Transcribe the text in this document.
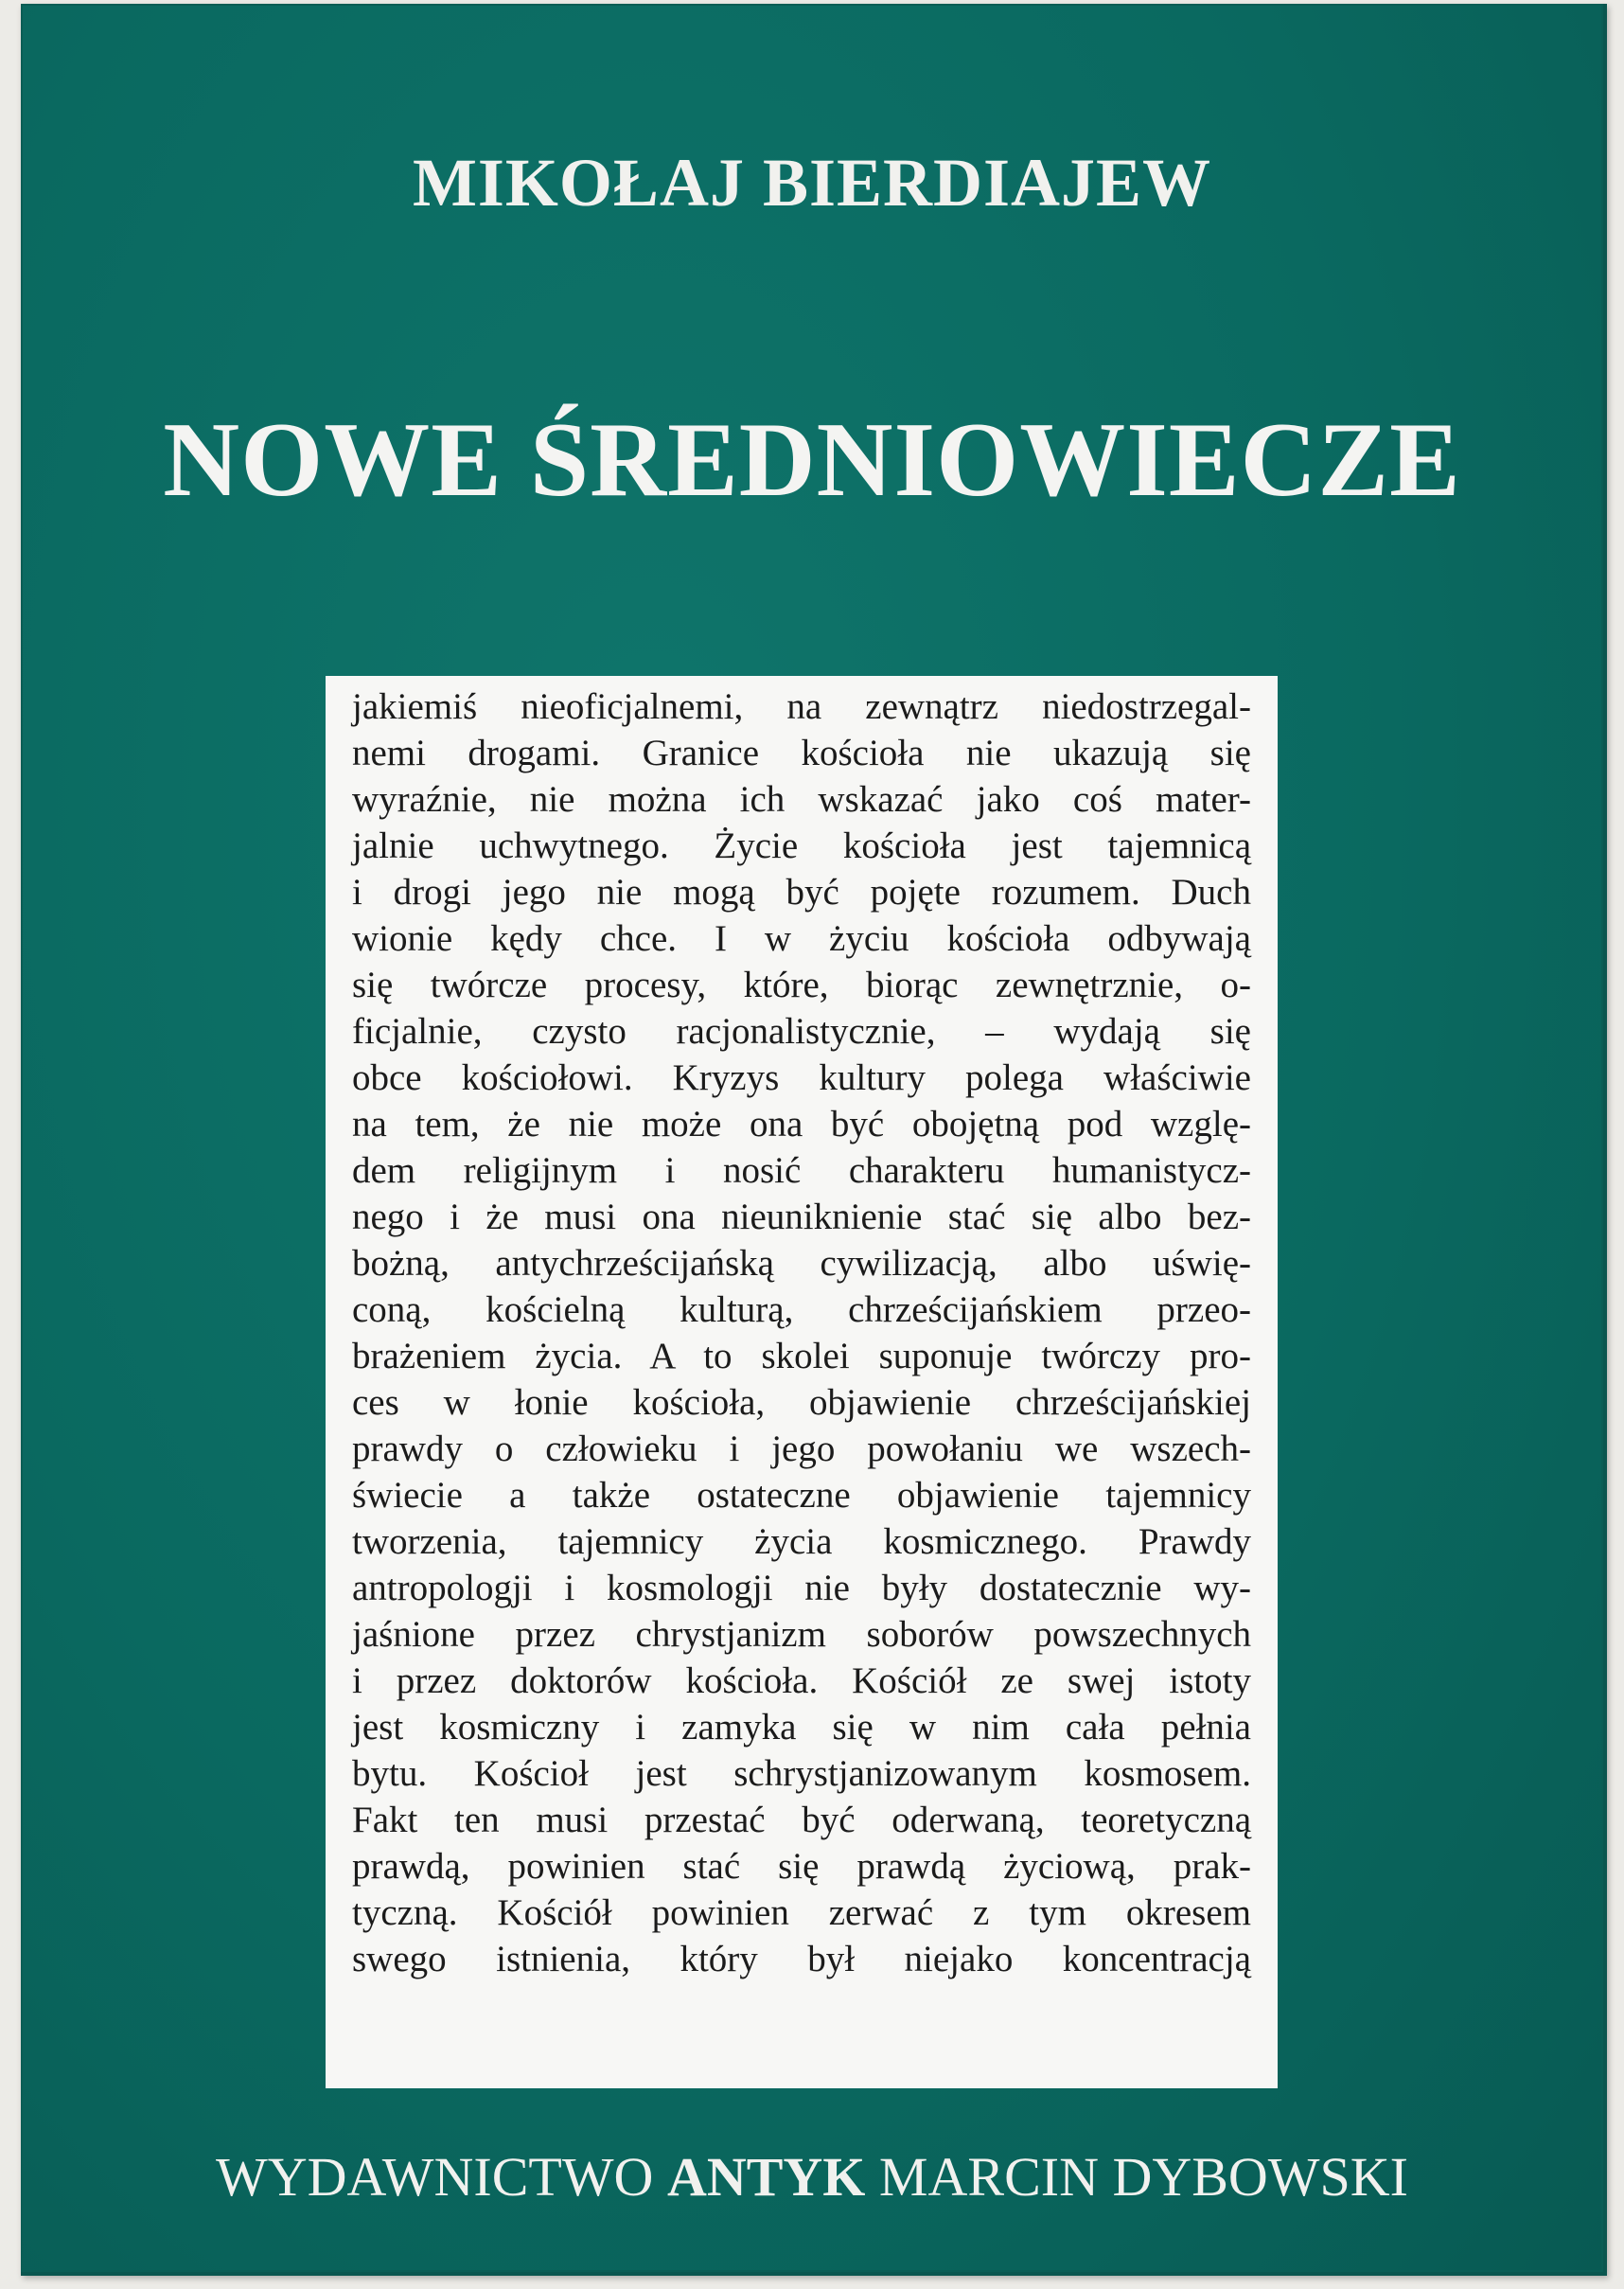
MIKOŁAJ BIERDIAJEW
NOWE ŚREDNIOWIECZE
jakiemiś nieoficjalnemi, na zewnątrz niedostrzegal-
nemi drogami. Granice kościoła nie ukazują się
wyraźnie, nie można ich wskazać jako coś mater-
jalnie uchwytnego. Życie kościoła jest tajemnicą
i drogi jego nie mogą być pojęte rozumem. Duch
wionie kędy chce. I w życiu kościoła odbywają
się twórcze procesy, które, biorąc zewnętrznie, o-
ficjalnie, czysto racjonalistycznie, – wydają się
obce kościołowi. Kryzys kultury polega właściwie
na tem, że nie może ona być obojętną pod wzglę-
dem religijnym i nosić charakteru humanistycz-
nego i że musi ona nieuniknienie stać się albo bez-
bożną, antychrześcijańską cywilizacją, albo uświę-
coną, kościelną kulturą, chrześcijańskiem przeo-
brażeniem życia. A to skolei suponuje twórczy pro-
ces w łonie kościoła, objawienie chrześcijańskiej
prawdy o człowieku i jego powołaniu we wszech-
świecie a także ostateczne objawienie tajemnicy
tworzenia, tajemnicy życia kosmicznego. Prawdy
antropologji i kosmologji nie były dostatecznie wy-
jaśnione przez chrystjanizm soborów powszechnych
i przez doktorów kościoła. Kościół ze swej istoty
jest kosmiczny i zamyka się w nim cała pełnia
bytu. Kościoł jest schrystjanizowanym kosmosem.
Fakt ten musi przestać być oderwaną, teoretyczną
prawdą, powinien stać się prawdą życiową, prak-
tyczną. Kościół powinien zerwać z tym okresem
swego istnienia, który był niejako koncentracją

WYDAWNICTWO ANTYK MARCIN DYBOWSKI
